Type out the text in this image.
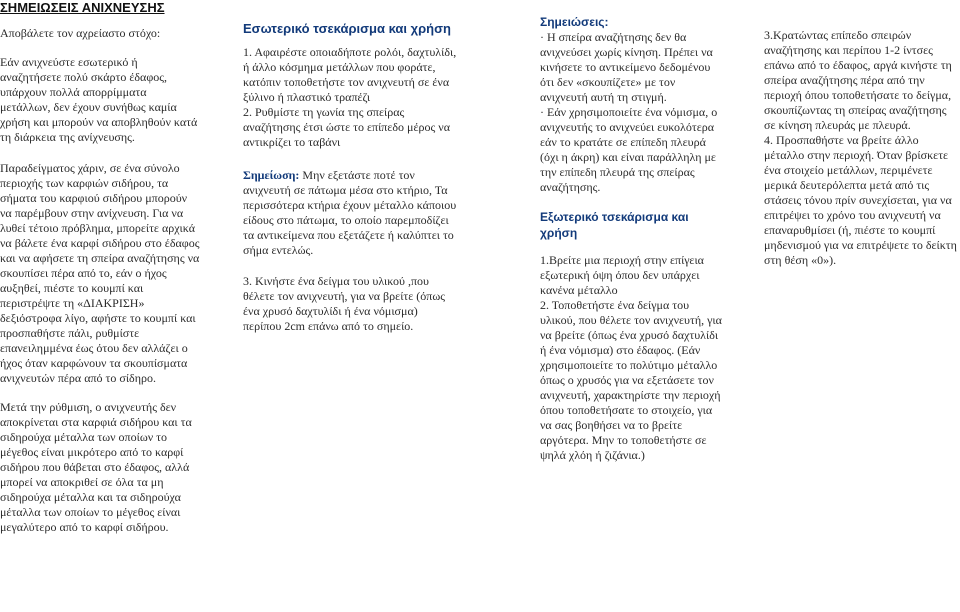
ΣΗΜΕΙΩΣΕΙΣ ΑΝΙΧΝΕΥΣΗΣ

Αποβάλετε τον αχρείαστο στόχο:

Εάν ανιχνεύστε εσωτερικό ή αναζητήσετε πολύ σκάρτο έδαφος, υπάρχουν πολλά απορρίμματα μετάλλων, δεν έχουν συνήθως καμία χρήση και μπορούν να αποβληθούν κατά τη διάρκεια της ανίχνευσης.

Παραδείγματος χάριν, σε ένα σύνολο περιοχής των καρφιών σιδήρου, τα σήματα του καρφιού σιδήρου μπορούν να παρέμβουν στην ανίχνευση. Για να λυθεί τέτοιο πρόβλημα, μπορείτε αρχικά να βάλετε ένα καρφί σιδήρου στο έδαφος και να αφήσετε τη σπείρα αναζήτησης να σκουπίσει πέρα από το, εάν ο ήχος αυξηθεί, πιέστε το κουμπί και περιστρέψτε τη «ΔΙΑΚΡΙΣΗ» δεξιόστροφα λίγο, αφήστε το κουμπί και προσπαθήστε πάλι, ρυθμίστε επανειλημμένα έως ότου δεν αλλάζει ο ήχος όταν καρφώνουν τα σκουπίσματα ανιχνευτών πέρα από το σίδηρο.

Μετά την ρύθμιση, ο ανιχνευτής δεν αποκρίνεται στα καρφιά σιδήρου και τα σιδηρούχα μέταλλα των οποίων το μέγεθος είναι μικρότερο από το καρφί σιδήρου που θάβεται στο έδαφος, αλλά μπορεί να αποκριθεί σε όλα τα μη σιδηρούχα μέταλλα και τα σιδηρούχα μέταλλα των οποίων το μέγεθος είναι μεγαλύτερο από το καρφί σιδήρου.

Εσωτερικό τσεκάρισμα και χρήση

1. Αφαιρέστε οποιαδήποτε ρολόι, δαχτυλίδι, ή άλλο κόσμημα μετάλλων που φοράτε, κατόπιν τοποθετήστε τον ανιχνευτή σε ένα ξύλινο ή πλαστικό τραπέζι

2. Ρυθμίστε τη γωνία της σπείρας αναζήτησης έτσι ώστε το επίπεδο μέρος να αντικρίζει το ταβάνι

Σημείωση: Μην εξετάστε ποτέ τον ανιχνευτή σε πάτωμα μέσα στο κτήριο, Τα περισσότερα κτήρια έχουν μέταλλο κάποιου είδους στο πάτωμα, το οποίο παρεμποδίζει τα αντικείμενα που εξετάζετε ή καλύπτει το σήμα εντελώς.

3. Κινήστε ένα δείγμα του υλικού ,που θέλετε τον ανιχνευτή, για να βρείτε (όπως ένα χρυσό δαχτυλίδι ή ένα νόμισμα) περίπου 2cm επάνω από το σημείο.

Σημειώσεις:

· Η σπείρα αναζήτησης δεν θα ανιχνεύσει χωρίς κίνηση. Πρέπει να κινήσετε το αντικείμενο δεδομένου ότι δεν «σκουπίζετε» με τον ανιχνευτή αυτή τη στιγμή.

· Εάν χρησιμοποιείτε ένα νόμισμα, ο ανιχνευτής το ανιχνεύει ευκολότερα εάν το κρατάτε σε επίπεδη πλευρά (όχι η άκρη) και είναι παράλληλη με την επίπεδη πλευρά της σπείρας αναζήτησης.

Εξωτερικό τσεκάρισμα και χρήση

1.Βρείτε μια περιοχή στην επίγεια εξωτερική όψη όπου δεν υπάρχει κανένα μέταλλο

2. Τοποθετήστε ένα δείγμα του υλικού, που θέλετε τον ανιχνευτή, για να βρείτε (όπως ένα χρυσό δαχτυλίδι ή ένα νόμισμα) στο έδαφος. (Εάν χρησιμοποιείτε το πολύτιμο μέταλλο όπως ο χρυσός για να εξετάσετε τον ανιχνευτή, χαρακτηρίστε την περιοχή όπου τοποθετήσατε το στοιχείο, για να σας βοηθήσει να το βρείτε αργότερα. Μην το τοποθετήστε σε ψηλά χλόη ή ζιζάνια.)

3.Κρατώντας επίπεδο σπειρών αναζήτησης και περίπου 1-2 ίντσες επάνω από το έδαφος, αργά κινήστε τη σπείρα αναζήτησης πέρα από την περιοχή όπου τοποθετήσατε το δείγμα, σκουπίζωντας τη σπείρας αναζήτησης σε κίνηση πλευράς με πλευρά.

4. Προσπαθήστε να βρείτε άλλο μέταλλο στην περιοχή. Όταν βρίσκετε ένα στοιχείο μετάλλων, περιμένετε μερικά δευτερόλεπτα μετά από τις στάσεις τόνου πρίν συνεχίσεται, για να επιτρέψει το χρόνο του ανιχνευτή να επαναρυθμίσει (ή, πιέστε το κουμπί μηδενισμού για να επιτρέψετε το δείκτη στη θέση «0»).
